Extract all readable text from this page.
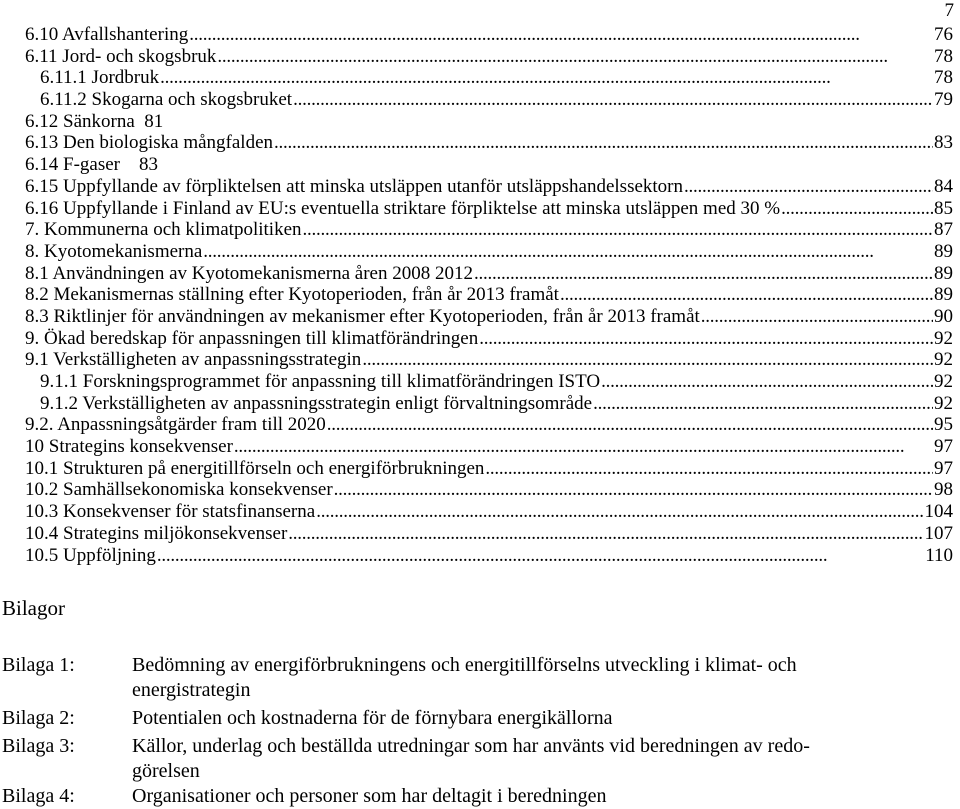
7
6.10 Avfallshantering . . .	76
6.11 Jord- och skogsbruk . . .	78
6.11.1 Jordbruk . . .	78
6.11.2 Skogarna och skogsbruket . . .	79
6.12 Sänkorna  81
6.13 Den biologiska mångfalden . . .	83
6.14 F-gaser    83
6.15 Uppfyllande av förpliktelsen att minska utsläppen utanför utsläppshandelssektorn . . .	84
6.16 Uppfyllande i Finland av EU:s eventuella striktare förpliktelse att minska utsläppen med 30 % . . .	85
7. Kommunerna och klimatpolitiken . . .	87
8. Kyotomekanismerna . . .	89
8.1 Användningen av Kyotomekanismerna åren 2008 2012 . . .	89
8.2 Mekanismernas ställning efter Kyotoperioden, från år 2013 framåt . . .	89
8.3 Riktlinjer för användningen av mekanismer efter Kyotoperioden, från år 2013 framåt . . .	90
9. Ökad beredskap för anpassningen till klimatförändringen . . .	92
9.1 Verkställigheten av anpassningsstrategin . . .	92
9.1.1 Forskningsprogrammet för anpassning till klimatförändringen ISTO . . .	92
9.1.2 Verkställigheten av anpassningsstrategin enligt förvaltningsområde . . .	92
9.2. Anpassningsåtgärder fram till 2020 . . .	95
10 Strategins konsekvenser . . .	97
10.1 Strukturen på energitillförseln och energiförbrukningen . . .	97
10.2 Samhällsekonomiska konsekvenser . . .	98
10.3 Konsekvenser för statsfinanserna . . .	104
10.4 Strategins miljökonsekvenser . . .	107
10.5 Uppföljning . . .	110
Bilagor
Bilaga 1:	Bedömning av energiförbrukningens och energitillförselns utveckling i klimat- och
energistrategin
Bilaga 2:	Potentialen och kostnaderna för de förnybara energikällorna
Bilaga 3:	Källor, underlag och beställda utredningar som har använts vid beredningen av redo-
görelsen
Bilaga 4:	Organisationer och personer som har deltagit i beredningen
